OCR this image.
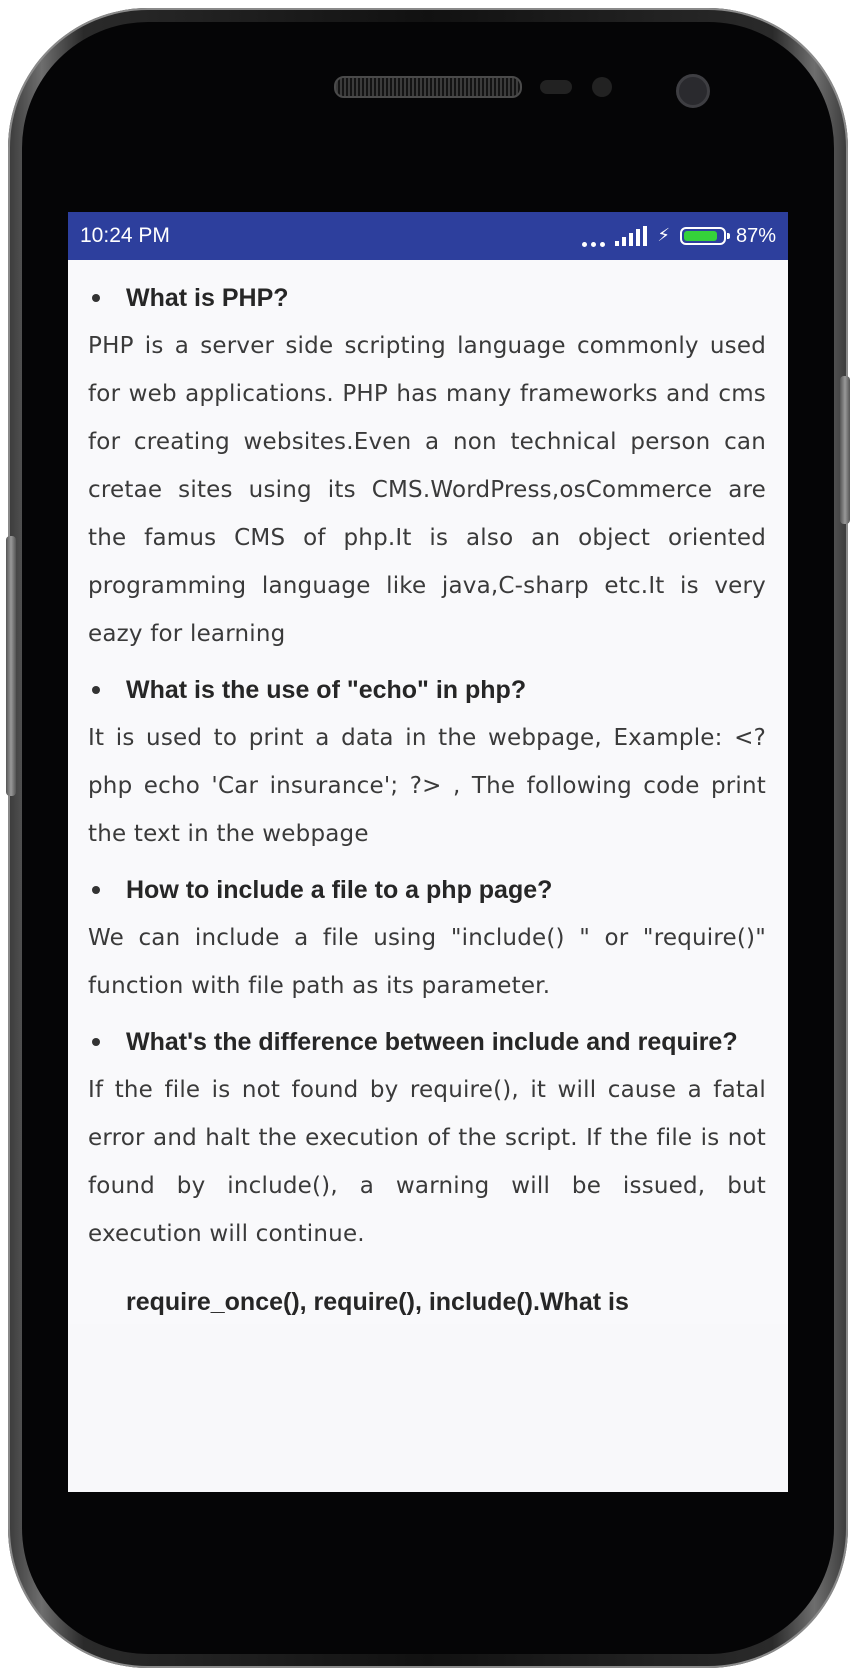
10:24 PM	⚡	87%
What is PHP?

PHP is a server side scripting language commonly used for web applications. PHP has many frameworks and cms for creating websites.Even a non technical person can cretae sites using its CMS.WordPress,osCommerce are the famus CMS of php.It is also an object oriented programming language like java,C-sharp etc.It is very eazy for learning

What is the use of "echo" in php?

It is used to print a data in the webpage, Example: <?php echo 'Car insurance'; ?> , The following code print the text in the webpage

How to include a file to a php page?

We can include a file using "include() " or "require()" function with file path as its parameter.

What's the difference between include and require?

If the file is not found by require(), it will cause a fatal error and halt the execution of the script. If the file is not found by include(), a warning will be issued, but execution will continue.

require_once(), require(), include().What is
